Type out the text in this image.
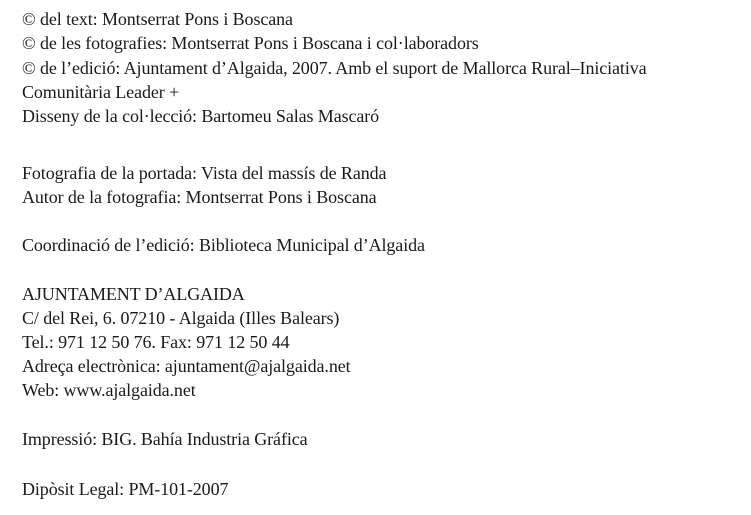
© del text: Montserrat Pons i Boscana
© de les fotografies: Montserrat Pons i Boscana i col·laboradors
© de l’edició: Ajuntament d’Algaida, 2007. Amb el suport de Mallorca Rural–Iniciativa
Comunitària Leader +
Disseny de la col·lecció: Bartomeu Salas Mascaró
Fotografia de la portada: Vista del massís de Randa
Autor de la fotografia: Montserrat Pons i Boscana
Coordinació de l’edició: Biblioteca Municipal d’Algaida
AJUNTAMENT D’ALGAIDA
C/ del Rei, 6. 07210 - Algaida (Illes Balears)
Tel.: 971 12 50 76. Fax: 971 12 50 44
Adreça electrònica: ajuntament@ajalgaida.net
Web: www.ajalgaida.net
Impressió: BIG. Bahía Industria Gráfica
Dipòsit Legal: PM-101-2007
